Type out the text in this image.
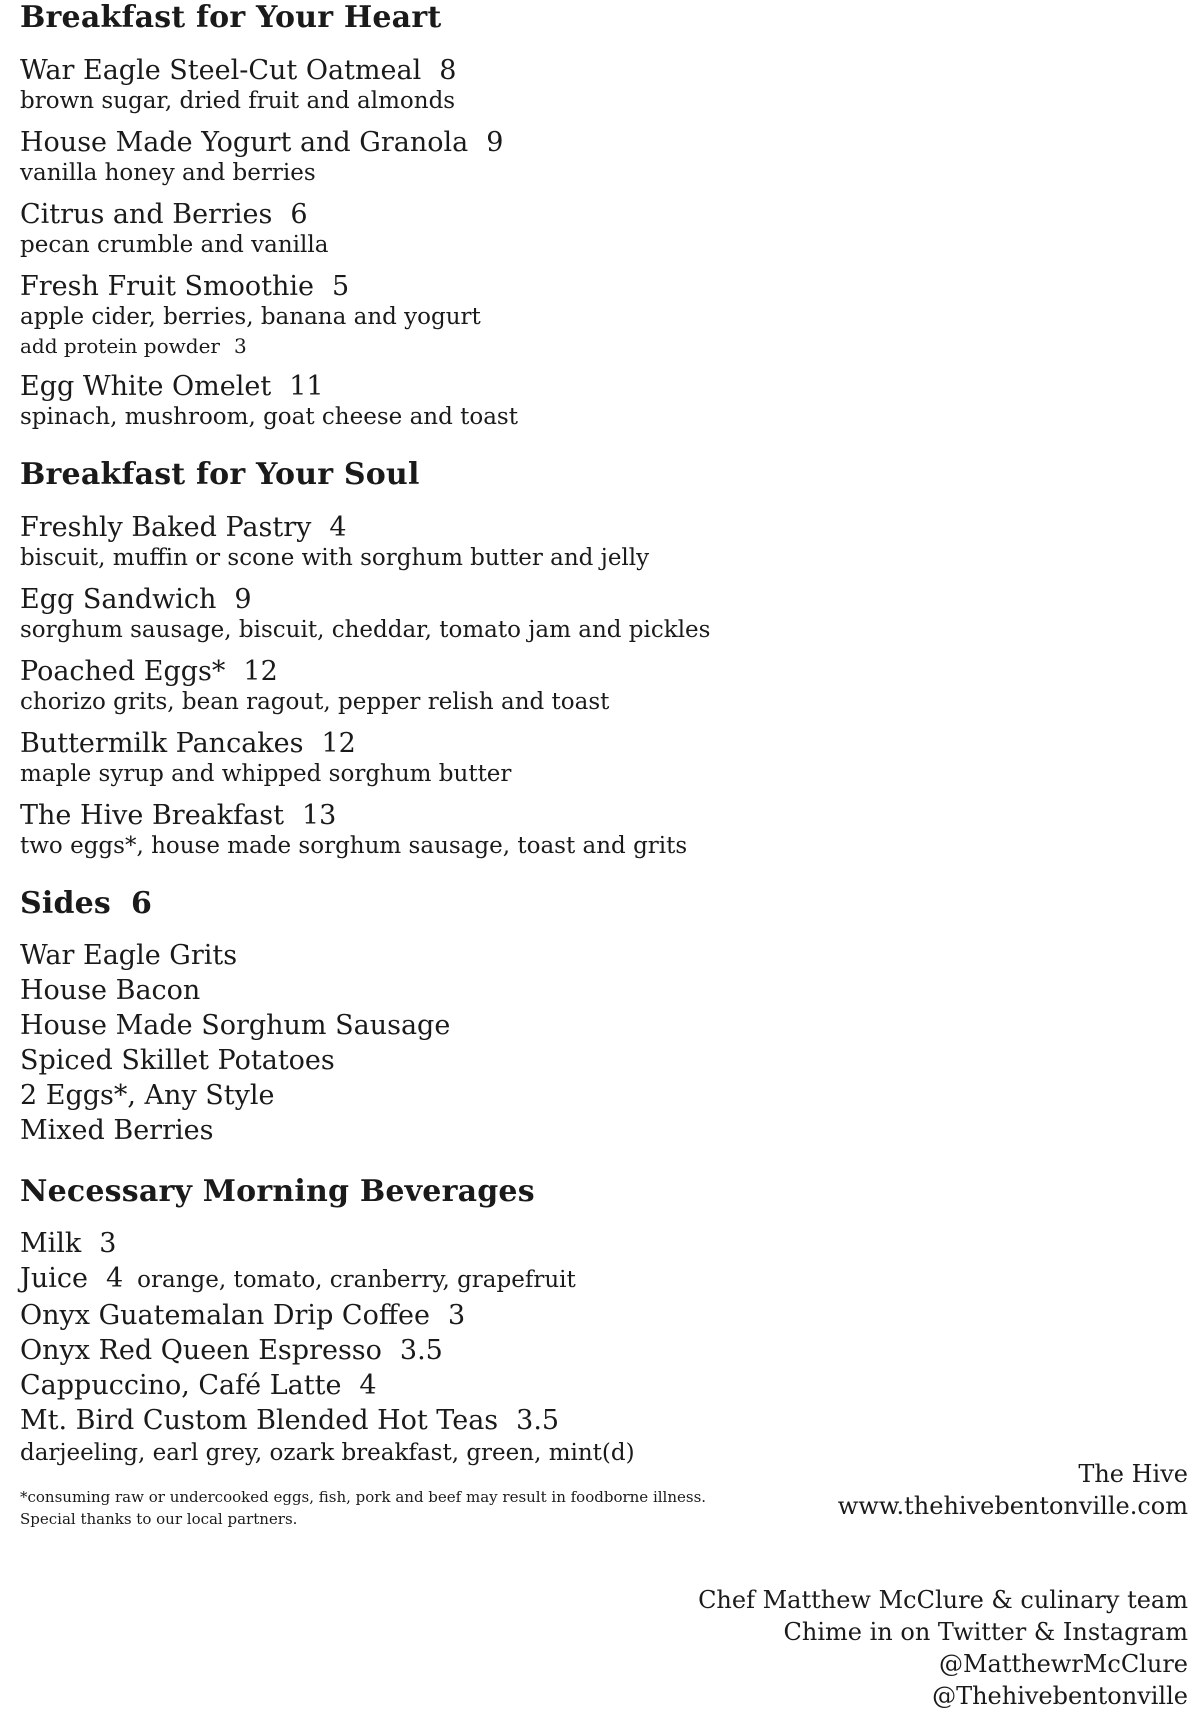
Breakfast for Your Heart
War Eagle Steel-Cut Oatmeal 8
brown sugar, dried fruit and almonds
House Made Yogurt and Granola 9
vanilla honey and berries
Citrus and Berries 6
pecan crumble and vanilla
Fresh Fruit Smoothie 5
apple cider, berries, banana and yogurt
add protein powder 3
Egg White Omelet 11
spinach, mushroom, goat cheese and toast
Breakfast for Your Soul
Freshly Baked Pastry 4
biscuit, muffin or scone with sorghum butter and jelly
Egg Sandwich 9
sorghum sausage, biscuit, cheddar, tomato jam and pickles
Poached Eggs* 12
chorizo grits, bean ragout, pepper relish and toast
Buttermilk Pancakes 12
maple syrup and whipped sorghum butter
The Hive Breakfast 13
two eggs*, house made sorghum sausage, toast and grits
Sides 6
War Eagle Grits
House Bacon
House Made Sorghum Sausage
Spiced Skillet Potatoes
2 Eggs*, Any Style
Mixed Berries
Necessary Morning Beverages
Milk 3
Juice 4 orange, tomato, cranberry, grapefruit
Onyx Guatemalan Drip Coffee 3
Onyx Red Queen Espresso 3.5
Cappuccino, Café Latte 4
Mt. Bird Custom Blended Hot Teas 3.5
darjeeling, earl grey, ozark breakfast, green, mint(d)
*consuming raw or undercooked eggs, fish, pork and beef may result in foodborne illness.
Special thanks to our local partners.
The Hive
www.thehivebentonville.com
Chef Matthew McClure & culinary team
Chime in on Twitter & Instagram
@MatthewrMcClure
@Thehivebentonville
